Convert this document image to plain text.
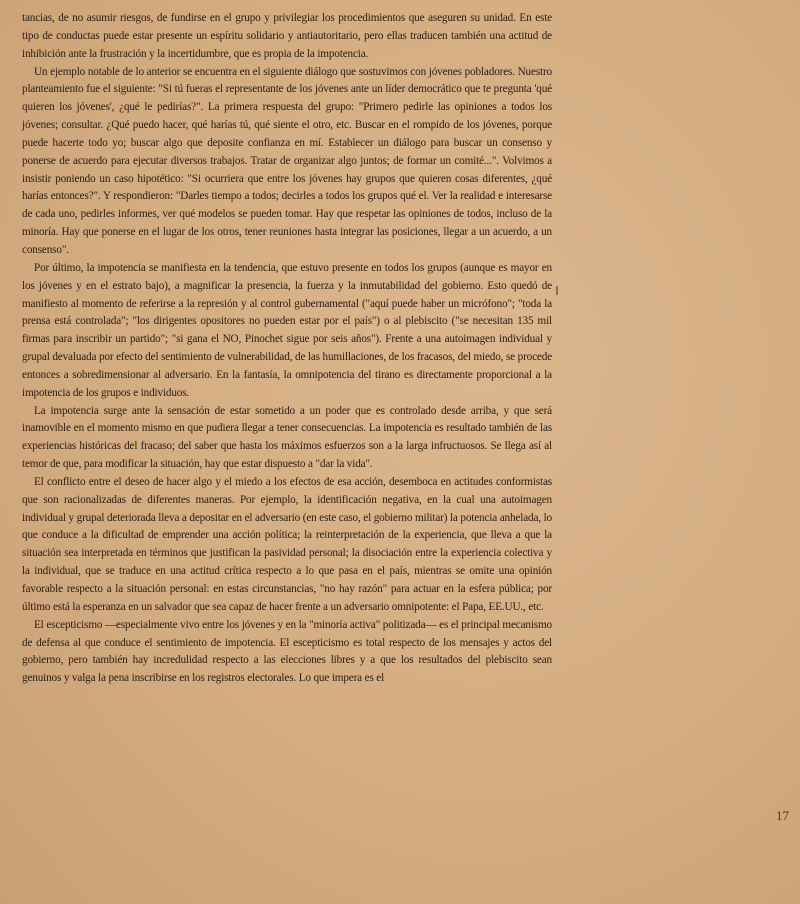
tancias, de no asumir riesgos, de fundirse en el grupo y privilegiar los procedimientos que aseguren su unidad. En este tipo de conductas puede estar presente un espíritu solidario y antiautoritario, pero ellas traducen también una actitud de inhibición ante la frustración y la incertidumbre, que es propia de la impotencia.

Un ejemplo notable de lo anterior se encuentra en el siguiente diálogo que sostuvimos con jóvenes pobladores. Nuestro planteamiento fue el siguiente: "Si tú fueras el representante de los jóvenes ante un líder democrático que te pregunta 'qué quieren los jóvenes', ¿qué le pedirías?". La primera respuesta del grupo: "Primero pedirle las opiniones a todos los jóvenes; consultar. ¿Qué puedo hacer, qué harías tú, qué siente el otro, etc. Buscar en el rompido de los jóvenes, porque puede hacerte todo yo; buscar algo que deposite confianza en mí. Establecer un diálogo para buscar un consenso y ponerse de acuerdo para ejecutar diversos trabajos. Tratar de organizar algo juntos; de formar un comité...". Volvimos a insistir poniendo un caso hipotético: "Si ocurriera que entre los jóvenes hay grupos que quieren cosas diferentes, ¿qué harías entonces?". Y respondieron: "Darles tiempo a todos; decirles a todos los grupos qué el. Ver la realidad e interesarse de cada uno, pedirles informes, ver qué modelos se pueden tomar. Hay que respetar las opiniones de todos, incluso de la minoría. Hay que ponerse en el lugar de los otros, tener reuniones hasta integrar las posiciones, llegar a un acuerdo, a un consenso".

Por último, la impotencia se manifiesta en la tendencia, que estuvo presente en todos los grupos (aunque es mayor en los jóvenes y en el estrato bajo), a magnificar la presencia, la fuerza y la inmutabilidad del gobierno. Esto quedó de manifiesto al momento de referirse a la represión y al control gubernamental ("aquí puede haber un micrófono"; "toda la prensa está controlada"; "los dirigentes opositores no pueden estar por el país") o al plebiscito ("se necesitan 135 mil firmas para inscribir un partido"; "si gana el NO, Pinochet sigue por seis años"). Frente a una autoimagen individual y grupal devaluada por efecto del sentimiento de vulnerabilidad, de las humillaciones, de los fracasos, del miedo, se procede entonces a sobredimensionar al adversario. En la fantasía, la omnipotencia del tirano es directamente proporcional a la impotencia de los grupos e individuos.

La impotencia surge ante la sensación de estar sometido a un poder que es controlado desde arriba, y que será inamovible en el momento mismo en que pudiera llegar a tener consecuencias. La impotencia es resultado también de las experiencias históricas del fracaso; del saber que hasta los máximos esfuerzos son a la larga infructuosos. Se llega así al temor de que, para modificar la situación, hay que estar dispuesto a "dar la vida".

El conflicto entre el deseo de hacer algo y el miedo a los efectos de esa acción, desemboca en actitudes conformistas que son racionalizadas de diferentes maneras. Por ejemplo, la identificación negativa, en la cual una autoimagen individual y grupal deteriorada lleva a depositar en el adversario (en este caso, el gobierno militar) la potencia anhelada, lo que conduce a la dificultad de emprender una acción política; la reinterpretación de la experiencia, que lleva a que la situación sea interpretada en términos que justifican la pasividad personal; la disociación entre la experiencia colectiva y la individual, que se traduce en una actitud crítica respecto a lo que pasa en el país, mientras se omite una opinión favorable respecto a la situación personal: en estas circunstancias, "no hay razón" para actuar en la esfera pública; por último está la esperanza en un salvador que sea capaz de hacer frente a un adversario omnipotente: el Papa, EE.UU., etc.

El escepticismo —especialmente vivo entre los jóvenes y en la "minoría activa" politizada— es el principal mecanismo de defensa al que conduce el sentimiento de impotencia. El escepticismo es total respecto de los mensajes y actos del gobierno, pero también hay incredulidad respecto a las elecciones libres y a que los resultados del plebiscito sean genuinos y valga la pena inscribirse en los registros electorales. Lo que impera es el

17
